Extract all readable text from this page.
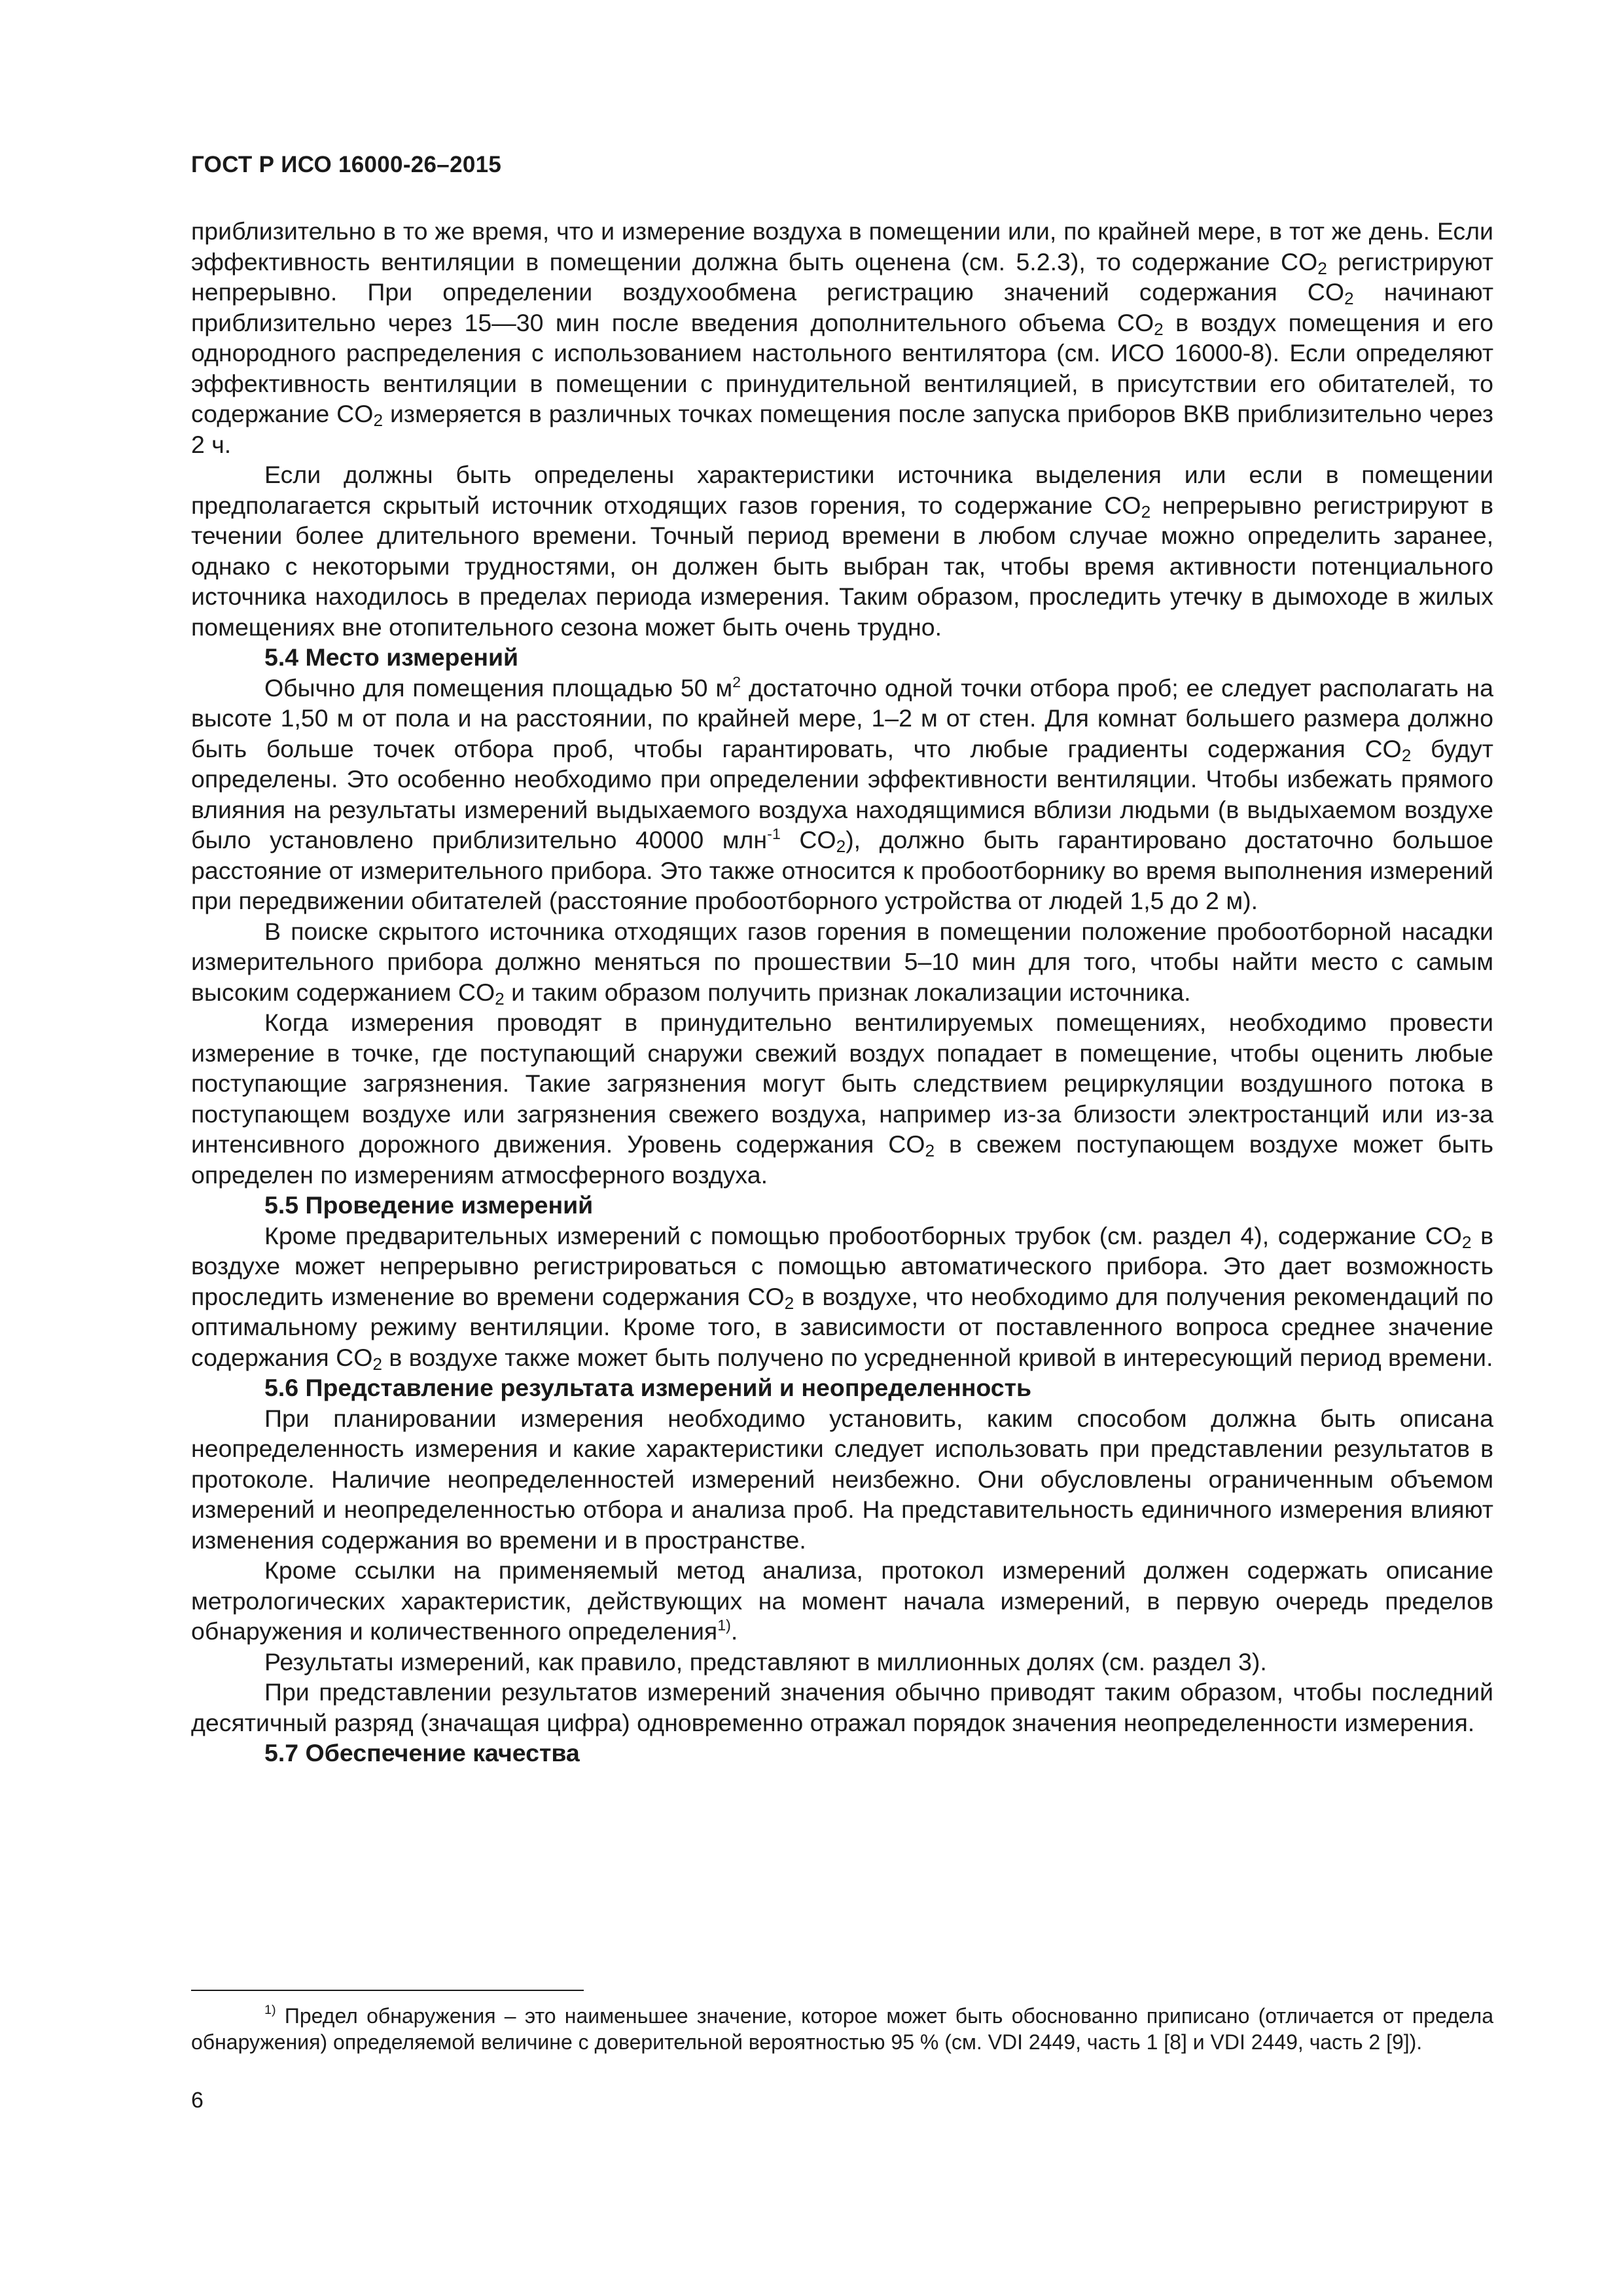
ГОСТ Р ИСО 16000-26–2015

приблизительно в то же время, что и измерение воздуха в помещении или, по крайней мере, в тот же день. Если эффективность вентиляции в помещении должна быть оценена (см. 5.2.3), то содержание $CO_2$ регистрируют непрерывно. При определении воздухообмена регистрацию значений содержания $CO_2$ начинают приблизительно через 15—30 мин после введения дополнительного объема $CO_2$ в воздух помещения и его однородного распределения с использованием настольного вентилятора (см. ИСО 16000-8). Если определяют эффективность вентиляции в помещении с принудительной вентиляцией, в присутствии его обитателей, то содержание $CO_2$ измеряется в различных точках помещения после запуска приборов ВКВ приблизительно через 2 ч.

Если должны быть определены характеристики источника выделения или если в помещении предполагается скрытый источник отходящих газов горения, то содержание $CO_2$ непрерывно регистрируют в течении более длительного времени. Точный период времени в любом случае можно определить заранее, однако с некоторыми трудностями, он должен быть выбран так, чтобы время активности потенциального источника находилось в пределах периода измерения. Таким образом, проследить утечку в дымоходе в жилых помещениях вне отопительного сезона может быть очень трудно.

5.4 Место измерений

Обычно для помещения площадью 50 $м^2$ достаточно одной точки отбора проб; ее следует располагать на высоте 1,50 м от пола и на расстоянии, по крайней мере, 1–2 м от стен. Для комнат большего размера должно быть больше точек отбора проб, чтобы гарантировать, что любые градиенты содержания $CO_2$ будут определены. Это особенно необходимо при определении эффективности вентиляции. Чтобы избежать прямого влияния на результаты измерений выдыхаемого воздуха находящимися вблизи людьми (в выдыхаемом воздухе было установлено приблизительно 40000 млн$^{-1}$ $CO_2$), должно быть гарантировано достаточно большое расстояние от измерительного прибора. Это также относится к пробоотборнику во время выполнения измерений при передвижении обитателей (расстояние пробоотборного устройства от людей 1,5 до 2 м).

В поиске скрытого источника отходящих газов горения в помещении положение пробоотборной насадки измерительного прибора должно меняться по прошествии 5–10 мин для того, чтобы найти место с самым высоким содержанием $CO_2$ и таким образом получить признак локализации источника.

Когда измерения проводят в принудительно вентилируемых помещениях, необходимо провести измерение в точке, где поступающий снаружи свежий воздух попадает в помещение, чтобы оценить любые поступающие загрязнения. Такие загрязнения могут быть следствием рециркуляции воздушного потока в поступающем воздухе или загрязнения свежего воздуха, например из-за близости электростанций или из-за интенсивного дорожного движения. Уровень содержания $CO_2$ в свежем поступающем воздухе может быть определен по измерениям атмосферного воздуха.

5.5 Проведение измерений

Кроме предварительных измерений с помощью пробоотборных трубок (см. раздел 4), содержание $CO_2$ в воздухе может непрерывно регистрироваться с помощью автоматического прибора. Это дает возможность проследить изменение во времени содержания $CO_2$ в воздухе, что необходимо для получения рекомендаций по оптимальному режиму вентиляции. Кроме того, в зависимости от поставленного вопроса среднее значение содержания $CO_2$ в воздухе также может быть получено по усредненной кривой в интересующий период времени.

5.6 Представление результата измерений и неопределенность

При планировании измерения необходимо установить, каким способом должна быть описана неопределенность измерения и какие характеристики следует использовать при представлении результатов в протоколе. Наличие неопределенностей измерений неизбежно. Они обусловлены ограниченным объемом измерений и неопределенностью отбора и анализа проб. На представительность единичного измерения влияют изменения содержания во времени и в пространстве.

Кроме ссылки на применяемый метод анализа, протокол измерений должен содержать описание метрологических характеристик, действующих на момент начала измерений, в первую очередь пределов обнаружения и количественного определения$^{1)}$.

Результаты измерений, как правило, представляют в миллионных долях (см. раздел 3).

При представлении результатов измерений значения обычно приводят таким образом, чтобы последний десятичный разряд (значащая цифра) одновременно отражал порядок значения неопределенности измерения.

5.7 Обеспечение качества

$^{1)}$ Предел обнаружения – это наименьшее значение, которое может быть обоснованно приписано (отличается от предела обнаружения) определяемой величине с доверительной вероятностью 95 % (см. VDI 2449, часть 1 [8] и VDI 2449, часть 2 [9]).

6
